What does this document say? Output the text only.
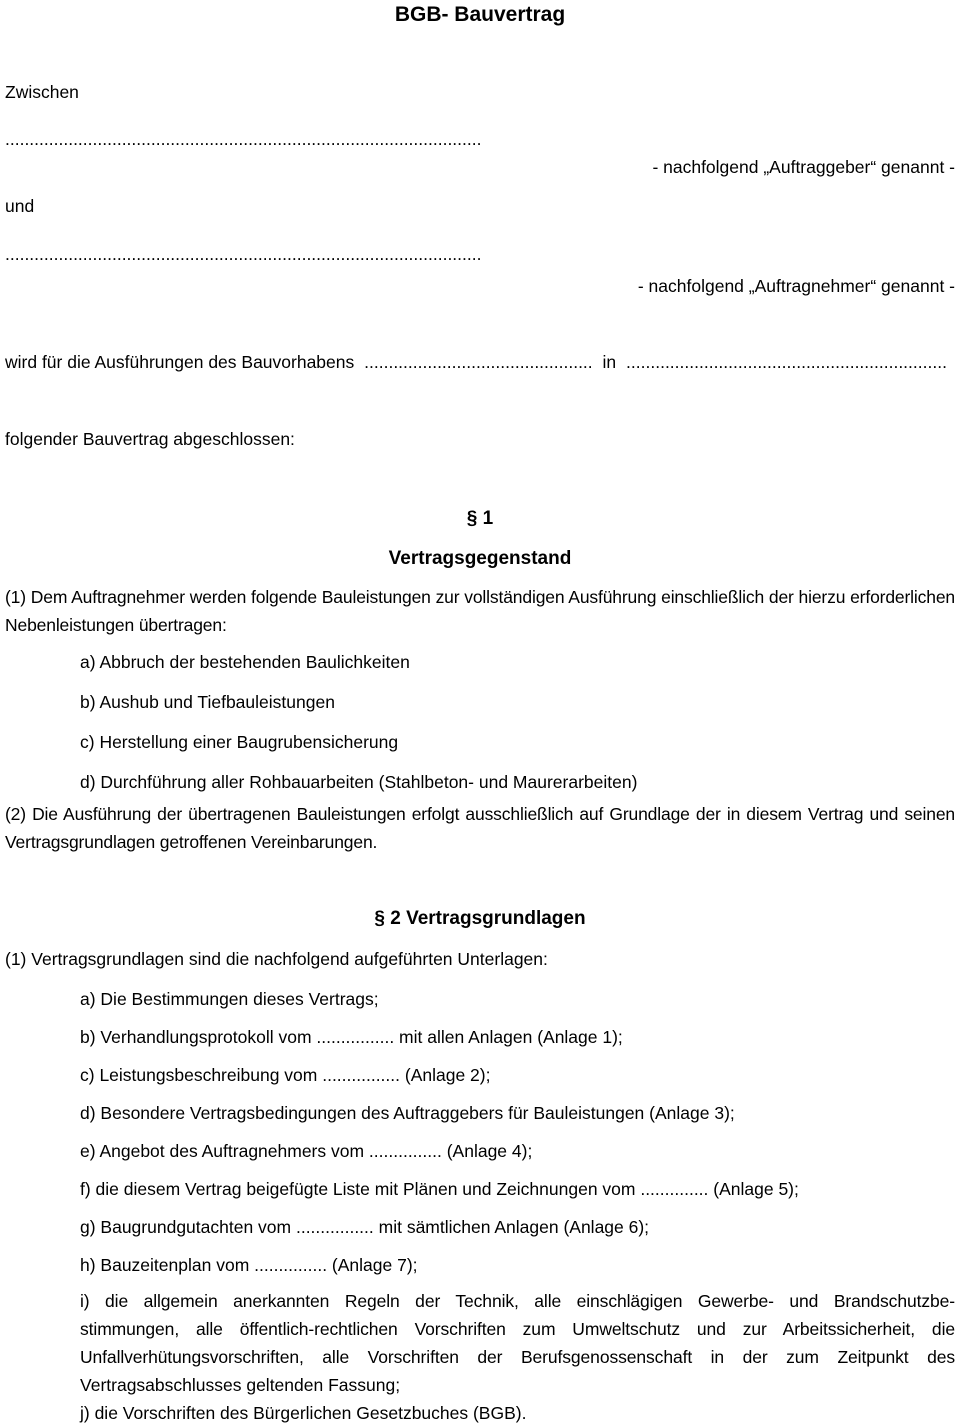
BGB- Bauvertrag
Zwischen
..................................................................................................
- nachfolgend „Auftraggeber“ genannt -
und
..................................................................................................
- nachfolgend „Auftragnehmer“ genannt -
wird für die Ausführungen des Bauvorhabens ............................................... in ..................................................................
folgender Bauvertrag abgeschlossen:
§ 1
Vertragsgegenstand
(1) Dem Auftragnehmer werden folgende Bauleistungen zur vollständigen Ausführung einschließlich der hierzu erforderlichen Nebenleistungen übertragen:
a) Abbruch der bestehenden Baulichkeiten
b) Aushub und Tiefbauleistungen
c) Herstellung einer Baugrubensicherung
d) Durchführung aller Rohbauarbeiten (Stahlbeton- und Maurerarbeiten)
(2) Die Ausführung der übertragenen Bauleistungen erfolgt ausschließlich auf Grundlage der in diesem Vertrag und seinen Vertragsgrundlagen getroffenen Vereinbarungen.
§ 2 Vertragsgrundlagen
(1) Vertragsgrundlagen sind die nachfolgend aufgeführten Unterlagen:
a) Die Bestimmungen dieses Vertrags;
b) Verhandlungsprotokoll vom ................ mit allen Anlagen (Anlage 1);
c) Leistungsbeschreibung vom ................ (Anlage 2);
d) Besondere Vertragsbedingungen des Auftraggebers für Bauleistungen (Anlage 3);
e) Angebot des Auftragnehmers vom ............... (Anlage 4);
f) die diesem Vertrag beigefügte Liste mit Plänen und Zeichnungen vom .............. (Anlage 5);
g) Baugrundgutachten vom ................ mit sämtlichen Anlagen (Anlage 6);
h) Bauzeitenplan vom ............... (Anlage 7);
i) die allgemein anerkannten Regeln der Technik, alle einschlägigen Gewerbe- und Brandschutzbe-
stimmungen, alle öffentlich-rechtlichen Vorschriften zum Umweltschutz und zur Arbeitssicherheit, die
Unfallverhütungsvorschriften, alle Vorschriften der Berufsgenossenschaft in der zum Zeitpunkt des
Vertragsabschlusses geltenden Fassung;
j) die Vorschriften des Bürgerlichen Gesetzbuches (BGB).
